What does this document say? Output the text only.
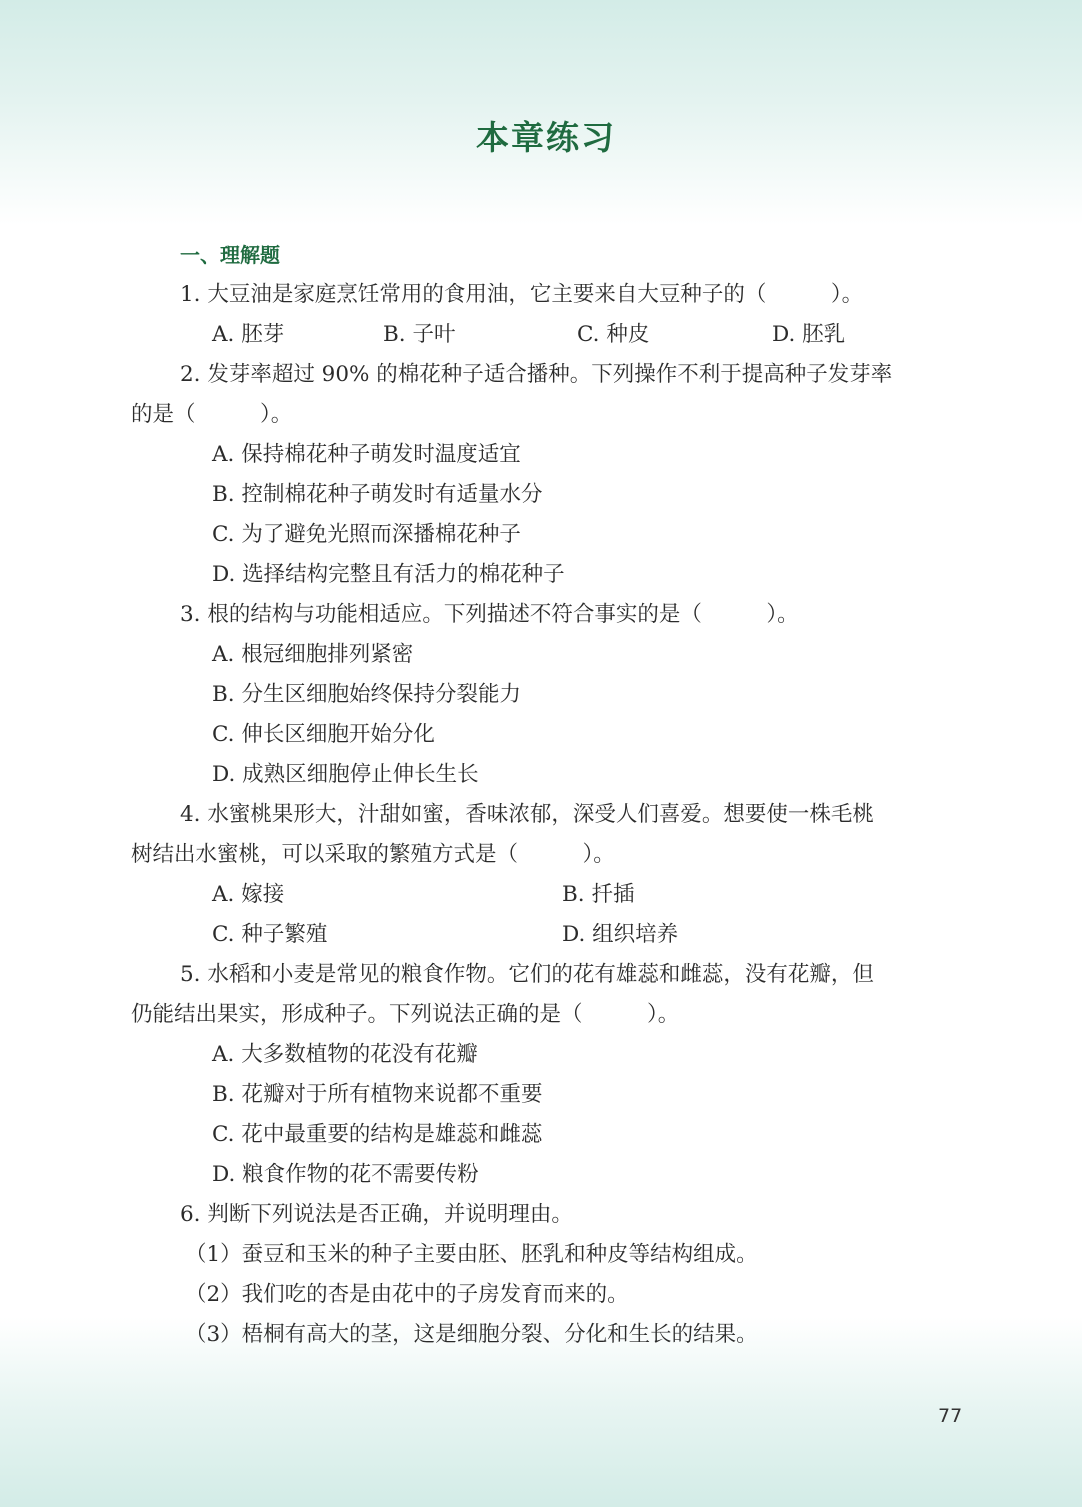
本章练习
一、理解题
1. 大豆油是家庭烹饪常用的食用油，它主要来自大豆种子的（　　　）。
A. 胚芽	B. 子叶	C. 种皮	D. 胚乳
2. 发芽率超过 90% 的棉花种子适合播种。下列操作不利于提高种子发芽率
的是（　　　）。
A. 保持棉花种子萌发时温度适宜
B. 控制棉花种子萌发时有适量水分
C. 为了避免光照而深播棉花种子
D. 选择结构完整且有活力的棉花种子
3. 根的结构与功能相适应。下列描述不符合事实的是（　　　）。
A. 根冠细胞排列紧密
B. 分生区细胞始终保持分裂能力
C. 伸长区细胞开始分化
D. 成熟区细胞停止伸长生长
4. 水蜜桃果形大，汁甜如蜜，香味浓郁，深受人们喜爱。想要使一株毛桃
树结出水蜜桃，可以采取的繁殖方式是（　　　）。
A. 嫁接	B. 扦插
C. 种子繁殖	D. 组织培养
5. 水稻和小麦是常见的粮食作物。它们的花有雄蕊和雌蕊，没有花瓣，但
仍能结出果实，形成种子。下列说法正确的是（　　　）。
A. 大多数植物的花没有花瓣
B. 花瓣对于所有植物来说都不重要
C. 花中最重要的结构是雄蕊和雌蕊
D. 粮食作物的花不需要传粉
6. 判断下列说法是否正确，并说明理由。
（1）蚕豆和玉米的种子主要由胚、胚乳和种皮等结构组成。
（2）我们吃的杏是由花中的子房发育而来的。
（3）梧桐有高大的茎，这是细胞分裂、分化和生长的结果。
77
